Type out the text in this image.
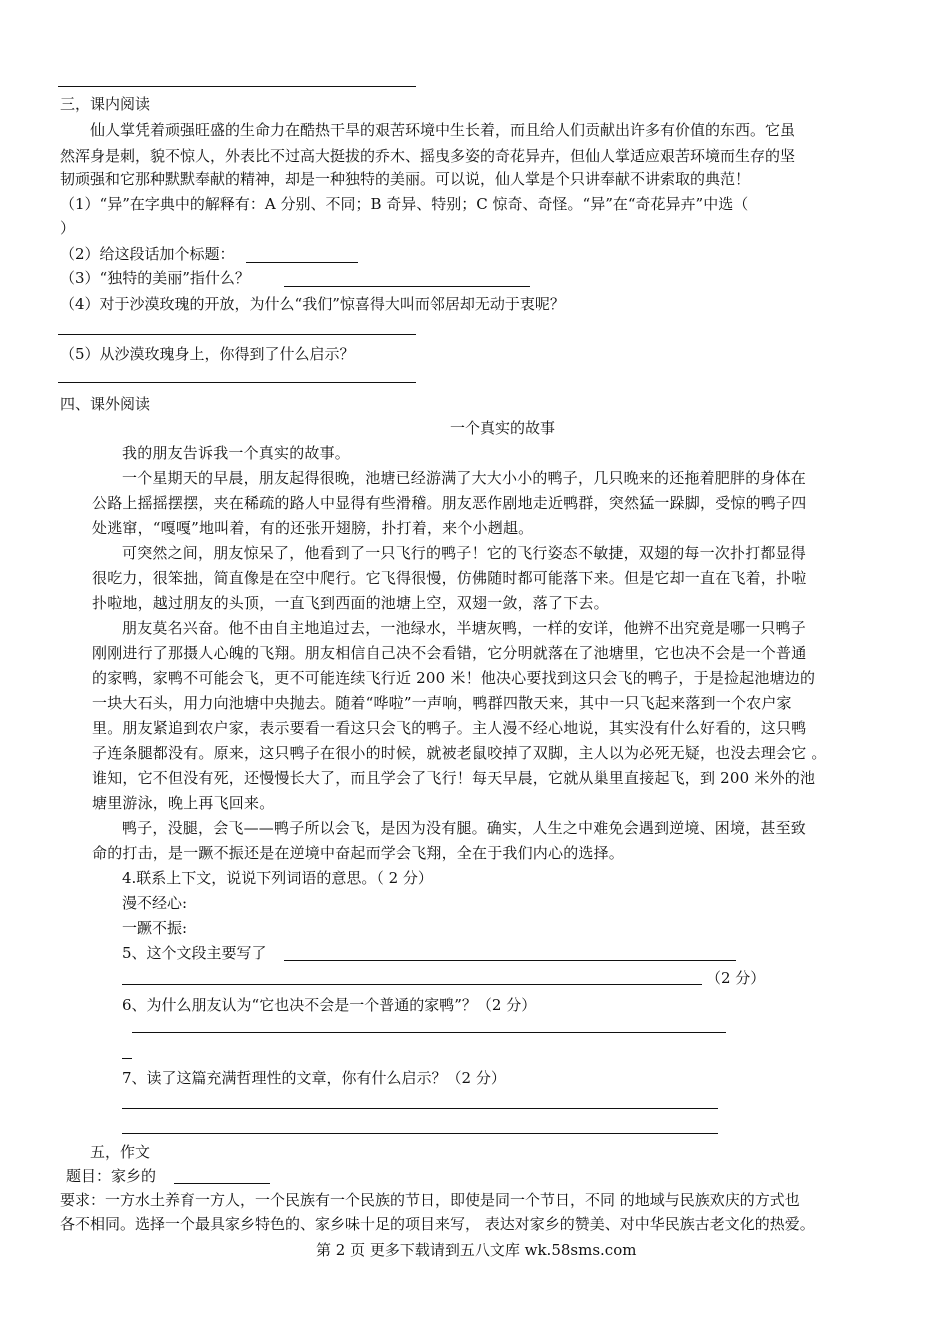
三，课内阅读
仙人掌凭着顽强旺盛的生命力在酷热干旱的艰苦环境中生长着，而且给人们贡献出许多有价值的东西。它虽
然浑身是刺，貌不惊人，外表比不过高大挺拔的乔木、摇曳多姿的奇花异卉，但仙人掌适应艰苦环境而生存的坚
韧顽强和它那种默默奉献的精神，却是一种独特的美丽。可以说，仙人掌是个只讲奉献不讲索取的典范！
（1）“异”在字典中的解释有：A 分别、不同；B 奇异、特别；C 惊奇、奇怪。“异”在“奇花异卉”中选（
）
（2）给这段话加个标题：
（3）“独特的美丽”指什么？
（4）对于沙漠玫瑰的开放，为什么“我们”惊喜得大叫而邻居却无动于衷呢？
（5）从沙漠玫瑰身上，你得到了什么启示？
四、课外阅读
一个真实的故事
我的朋友告诉我一个真实的故事。
一个星期天的早晨，朋友起得很晚，池塘已经游满了大大小小的鸭子，几只晚来的还拖着肥胖的身体在
公路上摇摇摆摆，夹在稀疏的路人中显得有些滑稽。朋友恶作剧地走近鸭群，突然猛一跺脚，受惊的鸭子四
处逃窜，“嘎嘎”地叫着，有的还张开翅膀，扑打着，来个小趔趄。
可突然之间，朋友惊呆了，他看到了一只飞行的鸭子！它的飞行姿态不敏捷，双翅的每一次扑打都显得
很吃力，很笨拙，简直像是在空中爬行。它飞得很慢，仿佛随时都可能落下来。但是它却一直在飞着，扑啦
扑啦地，越过朋友的头顶，一直飞到西面的池塘上空，双翅一敛，落了下去。
朋友莫名兴奋。他不由自主地追过去，一池绿水，半塘灰鸭，一样的安详，他辨不出究竟是哪一只鸭子
刚刚进行了那摄人心魄的飞翔。朋友相信自己决不会看错，它分明就落在了池塘里，它也决不会是一个普通
的家鸭，家鸭不可能会飞，更不可能连续飞行近 200 米！他决心要找到这只会飞的鸭子，于是捡起池塘边的
一块大石头，用力向池塘中央抛去。随着“哗啦”一声响，鸭群四散天来，其中一只飞起来落到一个农户家
里。朋友紧追到农户家，表示要看一看这只会飞的鸭子。主人漫不经心地说，其实没有什么好看的，这只鸭
子连条腿都没有。原来，这只鸭子在很小的时候，就被老鼠咬掉了双脚，主人以为必死无疑，也没去理会它 。
谁知，它不但没有死，还慢慢长大了，而且学会了飞行！每天早晨，它就从巢里直接起飞，到 200 米外的池
塘里游泳，晚上再飞回来。
鸭子，没腿，会飞——鸭子所以会飞，是因为没有腿。确实，人生之中难免会遇到逆境、困境，甚至致
命的打击，是一蹶不振还是在逆境中奋起而学会飞翔，全在于我们内心的选择。
4.联系上下文，说说下列词语的意思。（ 2 分）
漫不经心:
一蹶不振:
5、这个文段主要写了
（2 分）
6、为什么朋友认为“它也决不会是一个普通的家鸭”？（2 分）
7、读了这篇充满哲理性的文章，你有什么启示？（2 分）
五，作文
题目：家乡的
要求：一方水土养育一方人，一个民族有一个民族的节日，即使是同一个节日，不同 的地域与民族欢庆的方式也
各不相同。选择一个最具家乡特色的、家乡味十足的项目来写， 表达对家乡的赞美、对中华民族古老文化的热爱。
第 2 页 更多下载请到五八文库 wk.58sms.com
